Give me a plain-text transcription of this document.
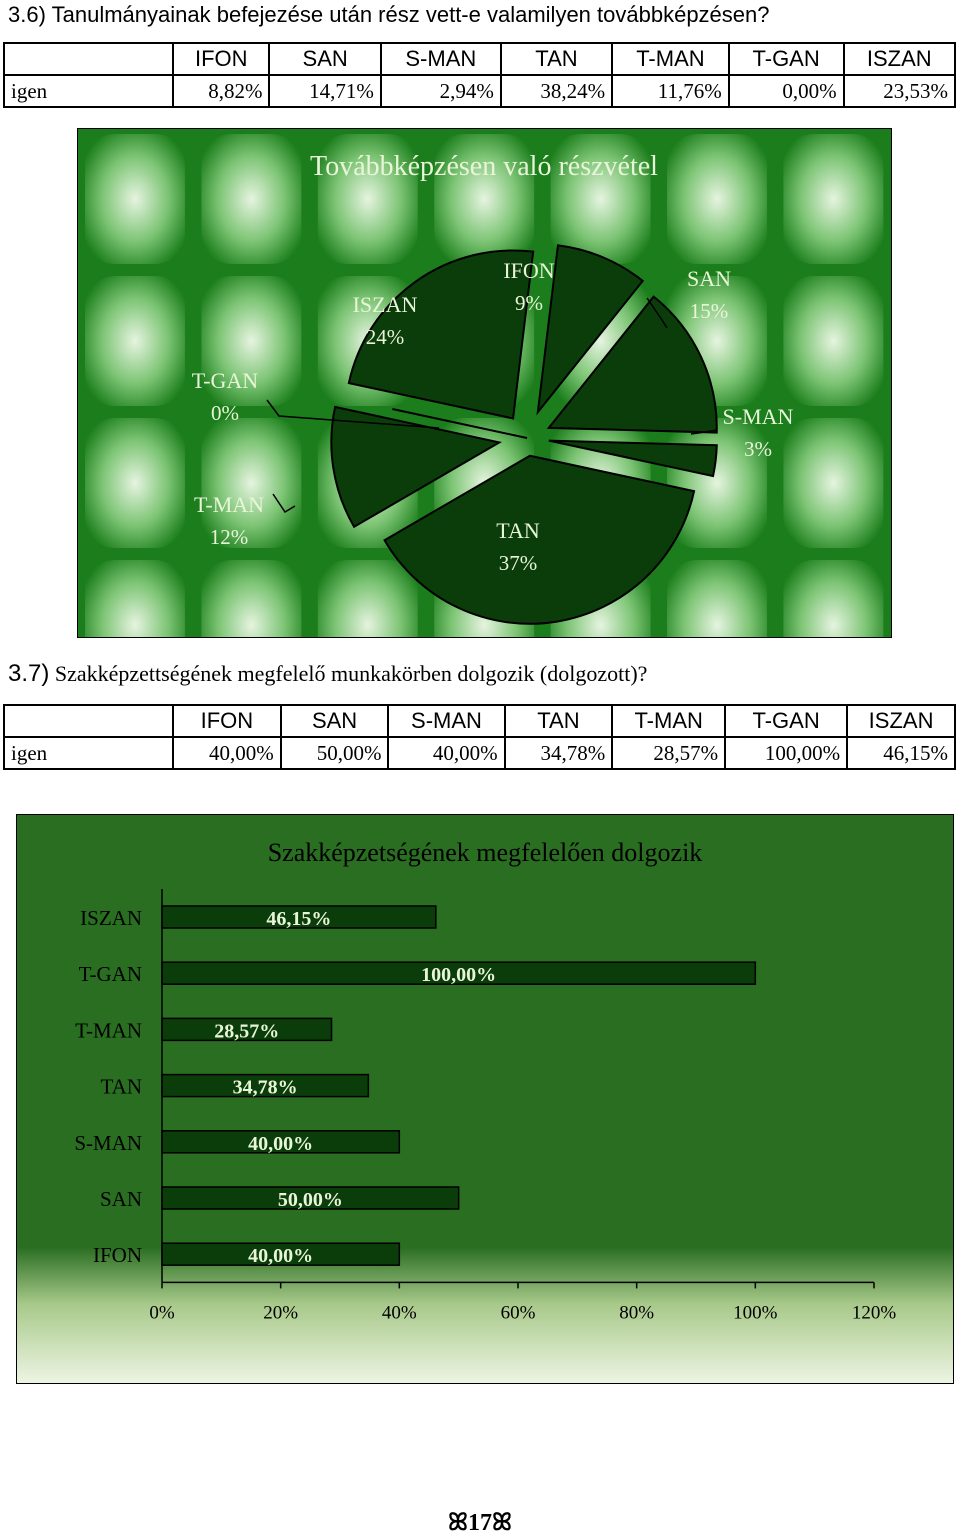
3.6) Tanulmányainak befejezése után rész vett-e valamilyen továbbképzésen?
	IFON	SAN	S-MAN	TAN	T-MAN	T-GAN	ISZAN
igen	8,82%	14,71%	2,94%	38,24%	11,76%	0,00%	23,53%
Továbbképzésen való részvétel
IFON
9%
SAN
15%
S-MAN
3%
TAN
37%
T-MAN
12%
T-GAN
0%
ISZAN
24%
3.7) Szakképzettségének megfelelő munkakörben dolgozik (dolgozott)?
	IFON	SAN	S-MAN	TAN	T-MAN	T-GAN	ISZAN
igen	40,00%	50,00%	40,00%	34,78%	28,57%	100,00%	46,15%
Szakképzetségének megfelelően dolgozik
ISZAN
T-GAN
T-MAN
TAN
S-MAN
SAN
IFON
46,15%
100,00%
28,57%
34,78%
40,00%
50,00%
40,00%
0%	20%	40%	60%	80%	100%	120%
ꕤ17ꕤ
